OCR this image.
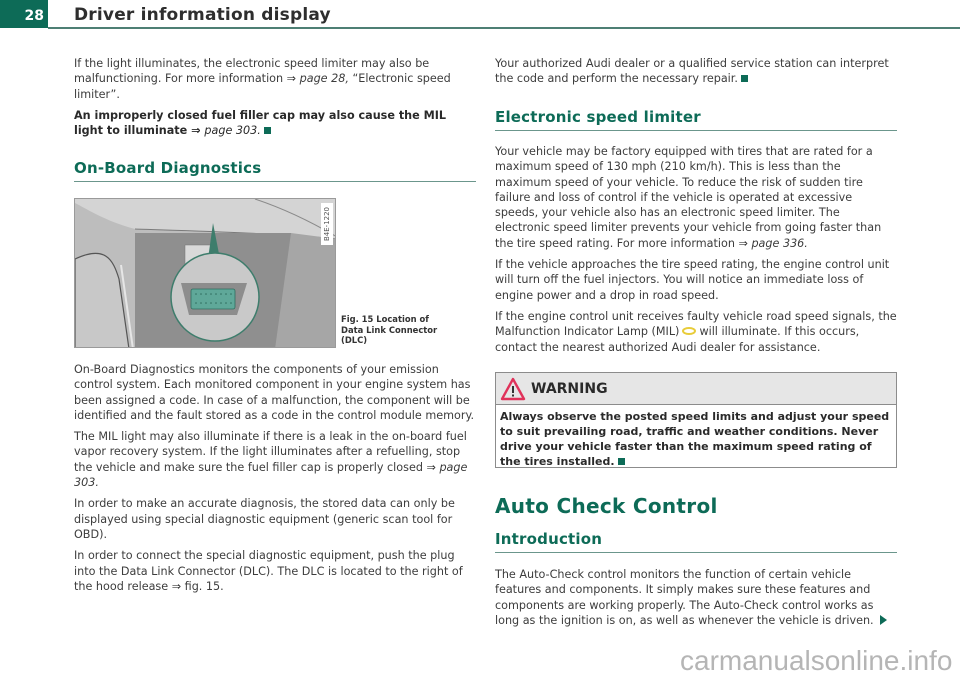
28 Driver information display

If the light illuminates, the electronic speed limiter may also be malfunctioning. For more information ⇒ page 28, “Electronic speed limiter”.

An improperly closed fuel filler cap may also cause the MIL light to illuminate ⇒ page 303.

On-Board Diagnostics
B4E-1220
Fig. 15 Location of
Data Link Connector
(DLC)

On-Board Diagnostics monitors the components of your emission control system. Each monitored component in your engine system has been assigned a code. In case of a malfunction, the component will be identified and the fault stored as a code in the control module memory.

The MIL light may also illuminate if there is a leak in the on-board fuel vapor recovery system. If the light illuminates after a refuelling, stop the vehicle and make sure the fuel filler cap is properly closed ⇒ page 303.

In order to make an accurate diagnosis, the stored data can only be displayed using special diagnostic equipment (generic scan tool for OBD).

In order to connect the special diagnostic equipment, push the plug into the Data Link Connector (DLC). The DLC is located to the right of the hood release ⇒ fig. 15.

Your authorized Audi dealer or a qualified service station can interpret the code and perform the necessary repair.

Electronic speed limiter

Your vehicle may be factory equipped with tires that are rated for a maximum speed of 130 mph (210 km/h). This is less than the maximum speed of your vehicle. To reduce the risk of sudden tire failure and loss of control if the vehicle is operated at excessive speeds, your vehicle also has an electronic speed limiter. The electronic speed limiter prevents your vehicle from going faster than the tire speed rating. For more information ⇒ page 336.

If the vehicle approaches the tire speed rating, the engine control unit will turn off the fuel injectors. You will notice an immediate loss of engine power and a drop in road speed.

If the engine control unit receives faulty vehicle road speed signals, the Malfunction Indicator Lamp (MIL) will illuminate. If this occurs, contact the nearest authorized Audi dealer for assistance.

WARNING
Always observe the posted speed limits and adjust your speed to suit prevailing road, traffic and weather conditions. Never drive your vehicle faster than the maximum speed rating of the tires installed.
Auto Check Control
Introduction

The Auto-Check control monitors the function of certain vehicle features and components. It simply makes sure these features and components are working properly. The Auto-Check control works as long as the ignition is on, as well as whenever the vehicle is driven.

carmanualsonline.info
